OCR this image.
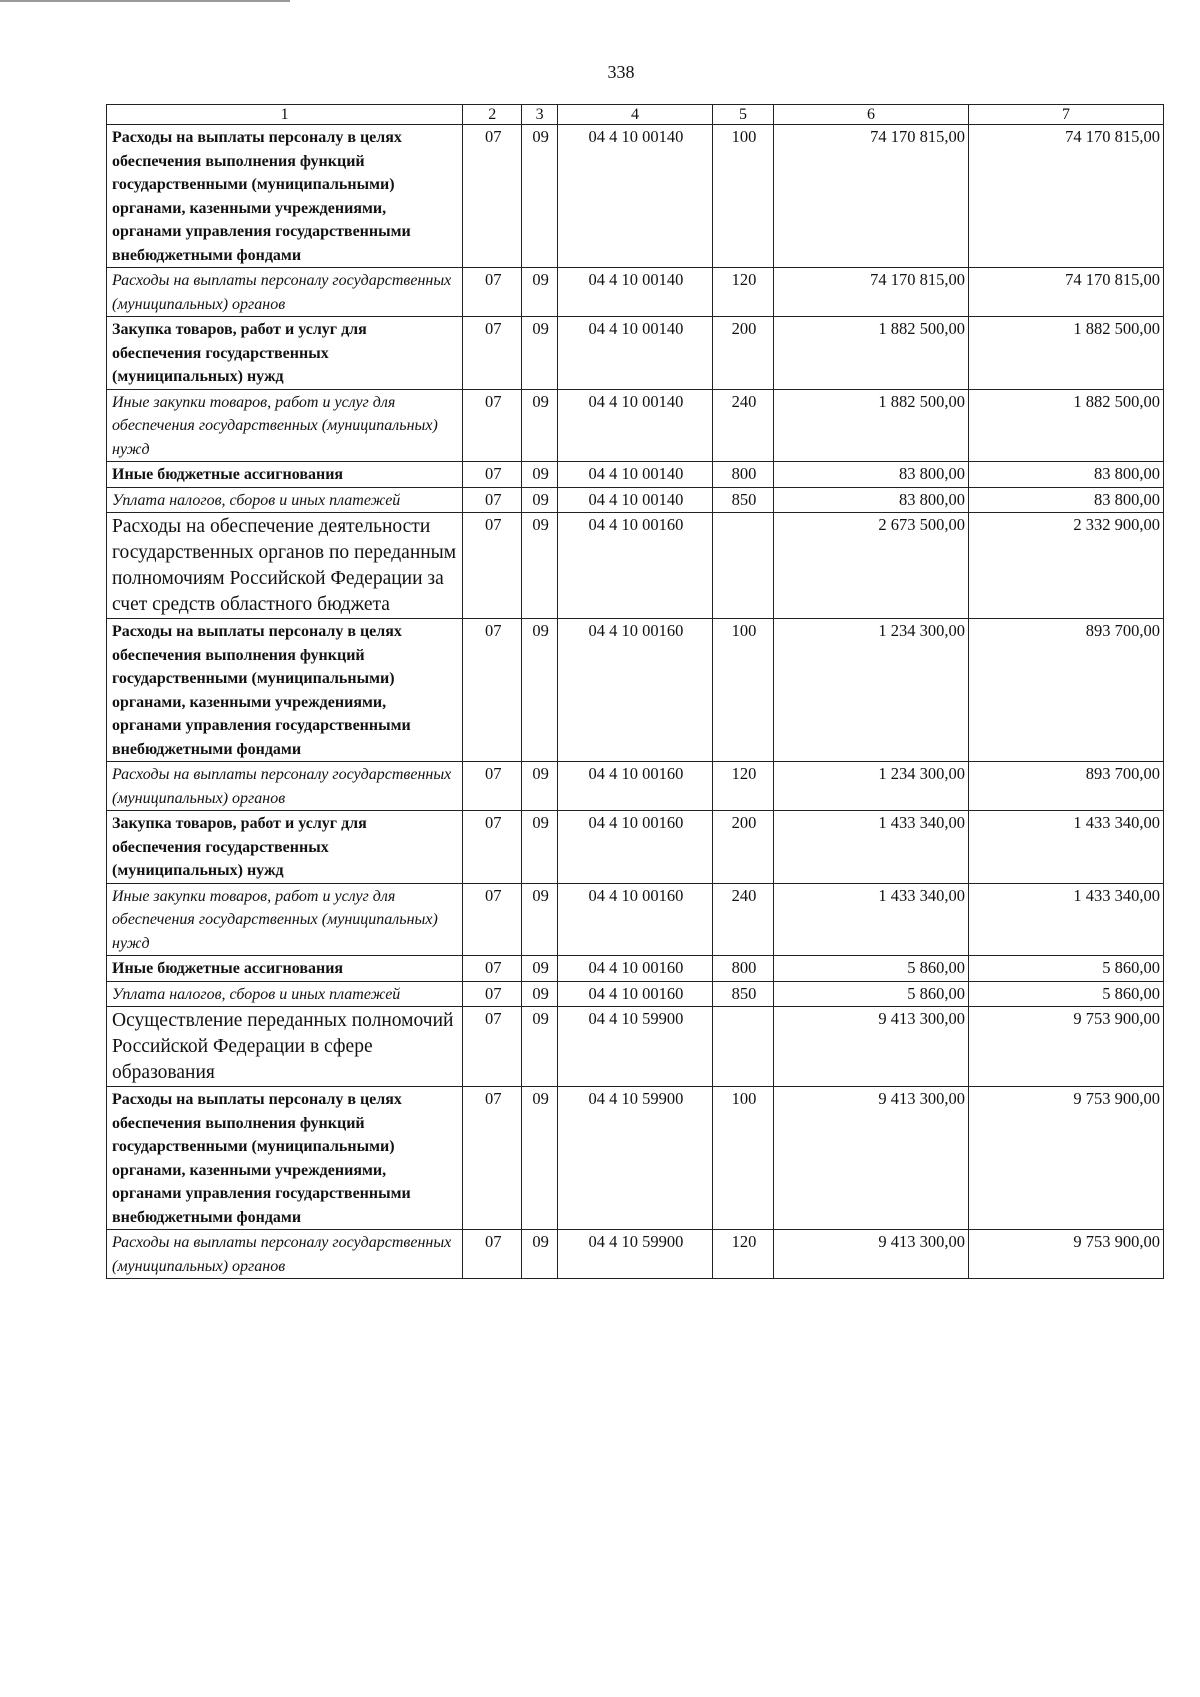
338
1	2	3	4	5	6	7
Расходы на выплаты персоналу в целях обеспечения выполнения функций государственными (муниципальными) органами, казенными учреждениями, органами управления государственными внебюджетными фондами	07	09	04 4 10 00140	100	74 170 815,00	74 170 815,00
Расходы на выплаты персоналу государственных (муниципальных) органов	07	09	04 4 10 00140	120	74 170 815,00	74 170 815,00
Закупка товаров, работ и услуг для обеспечения государственных (муниципальных) нужд	07	09	04 4 10 00140	200	1 882 500,00	1 882 500,00
Иные закупки товаров, работ и услуг для обеспечения государственных (муниципальных) нужд	07	09	04 4 10 00140	240	1 882 500,00	1 882 500,00
Иные бюджетные ассигнования	07	09	04 4 10 00140	800	83 800,00	83 800,00
Уплата налогов, сборов и иных платежей	07	09	04 4 10 00140	850	83 800,00	83 800,00
Расходы на обеспечение деятельности государственных органов по переданным полномочиям Российской Федерации за счет средств областного бюджета	07	09	04 4 10 00160		2 673 500,00	2 332 900,00
Расходы на выплаты персоналу в целях обеспечения выполнения функций государственными (муниципальными) органами, казенными учреждениями, органами управления государственными внебюджетными фондами	07	09	04 4 10 00160	100	1 234 300,00	893 700,00
Расходы на выплаты персоналу государственных (муниципальных) органов	07	09	04 4 10 00160	120	1 234 300,00	893 700,00
Закупка товаров, работ и услуг для обеспечения государственных (муниципальных) нужд	07	09	04 4 10 00160	200	1 433 340,00	1 433 340,00
Иные закупки товаров, работ и услуг для обеспечения государственных (муниципальных) нужд	07	09	04 4 10 00160	240	1 433 340,00	1 433 340,00
Иные бюджетные ассигнования	07	09	04 4 10 00160	800	5 860,00	5 860,00
Уплата налогов, сборов и иных платежей	07	09	04 4 10 00160	850	5 860,00	5 860,00
Осуществление переданных полномочий Российской Федерации в сфере образования	07	09	04 4 10 59900		9 413 300,00	9 753 900,00
Расходы на выплаты персоналу в целях обеспечения выполнения функций государственными (муниципальными) органами, казенными учреждениями, органами управления государственными внебюджетными фондами	07	09	04 4 10 59900	100	9 413 300,00	9 753 900,00
Расходы на выплаты персоналу государственных (муниципальных) органов	07	09	04 4 10 59900	120	9 413 300,00	9 753 900,00
